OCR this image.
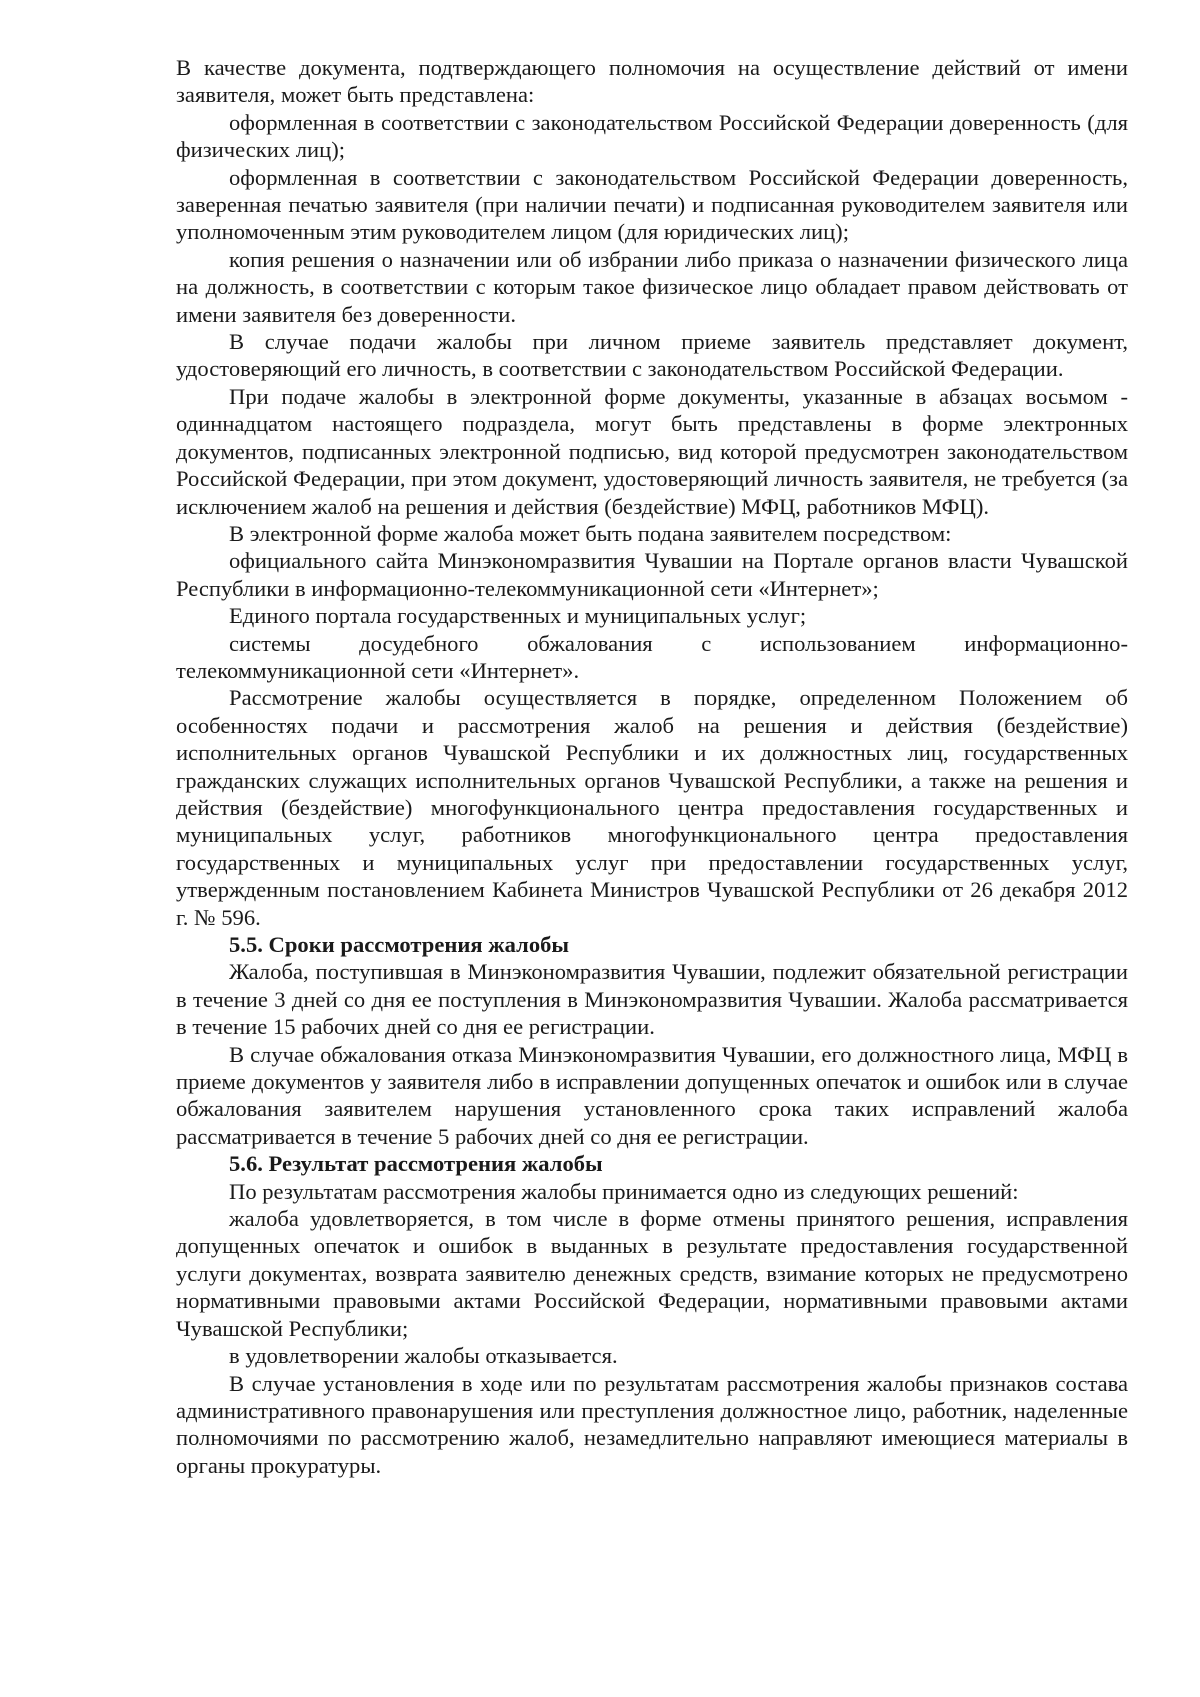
В качестве документа, подтверждающего полномочия на осуществление действий от имени заявителя, может быть представлена:

оформленная в соответствии с законодательством Российской Федерации доверенность (для физических лиц);

оформленная в соответствии с законодательством Российской Федерации доверенность, заверенная печатью заявителя (при наличии печати) и подписанная руководителем заявителя или уполномоченным этим руководителем лицом (для юридических лиц);

копия решения о назначении или об избрании либо приказа о назначении физического лица на должность, в соответствии с которым такое физическое лицо обладает правом действовать от имени заявителя без доверенности.

В случае подачи жалобы при личном приеме заявитель представляет документ, удостоверяющий его личность, в соответствии с законодательством Российской Федерации.

При подаче жалобы в электронной форме документы, указанные в абзацах восьмом - одиннадцатом настоящего подраздела, могут быть представлены в форме электронных документов, подписанных электронной подписью, вид которой предусмотрен законодательством Российской Федерации, при этом документ, удостоверяющий личность заявителя, не требуется (за исключением жалоб на решения и действия (бездействие) МФЦ, работников МФЦ).

В электронной форме жалоба может быть подана заявителем посредством:

официального сайта Минэкономразвития Чувашии на Портале органов власти Чувашской Республики в информационно-телекоммуникационной сети «Интернет»;

Единого портала государственных и муниципальных услуг;

системы досудебного обжалования с использованием информационно-телекоммуникационной сети «Интернет».

Рассмотрение жалобы осуществляется в порядке, определенном Положением об особенностях подачи и рассмотрения жалоб на решения и действия (бездействие) исполнительных органов Чувашской Республики и их должностных лиц, государственных гражданских служащих исполнительных органов Чувашской Республики, а также на решения и действия (бездействие) многофункционального центра предоставления государственных и муниципальных услуг, работников многофункционального центра предоставления государственных и муниципальных услуг при предоставлении государственных услуг, утвержденным постановлением Кабинета Министров Чувашской Республики от 26 декабря 2012 г. № 596.

5.5. Сроки рассмотрения жалобы

Жалоба, поступившая в Минэкономразвития Чувашии, подлежит обязательной регистрации в течение 3 дней со дня ее поступления в Минэкономразвития Чувашии. Жалоба рассматривается в течение 15 рабочих дней со дня ее регистрации.

В случае обжалования отказа Минэкономразвития Чувашии, его должностного лица, МФЦ в приеме документов у заявителя либо в исправлении допущенных опечаток и ошибок или в случае обжалования заявителем нарушения установленного срока таких исправлений жалоба рассматривается в течение 5 рабочих дней со дня ее регистрации.

5.6. Результат рассмотрения жалобы

По результатам рассмотрения жалобы принимается одно из следующих решений:

жалоба удовлетворяется, в том числе в форме отмены принятого решения, исправления допущенных опечаток и ошибок в выданных в результате предоставления государственной услуги документах, возврата заявителю денежных средств, взимание которых не предусмотрено нормативными правовыми актами Российской Федерации, нормативными правовыми актами Чувашской Республики;

в удовлетворении жалобы отказывается.

В случае установления в ходе или по результатам рассмотрения жалобы признаков состава административного правонарушения или преступления должностное лицо, работник, наделенные полномочиями по рассмотрению жалоб, незамедлительно направляют имеющиеся материалы в органы прокуратуры.
